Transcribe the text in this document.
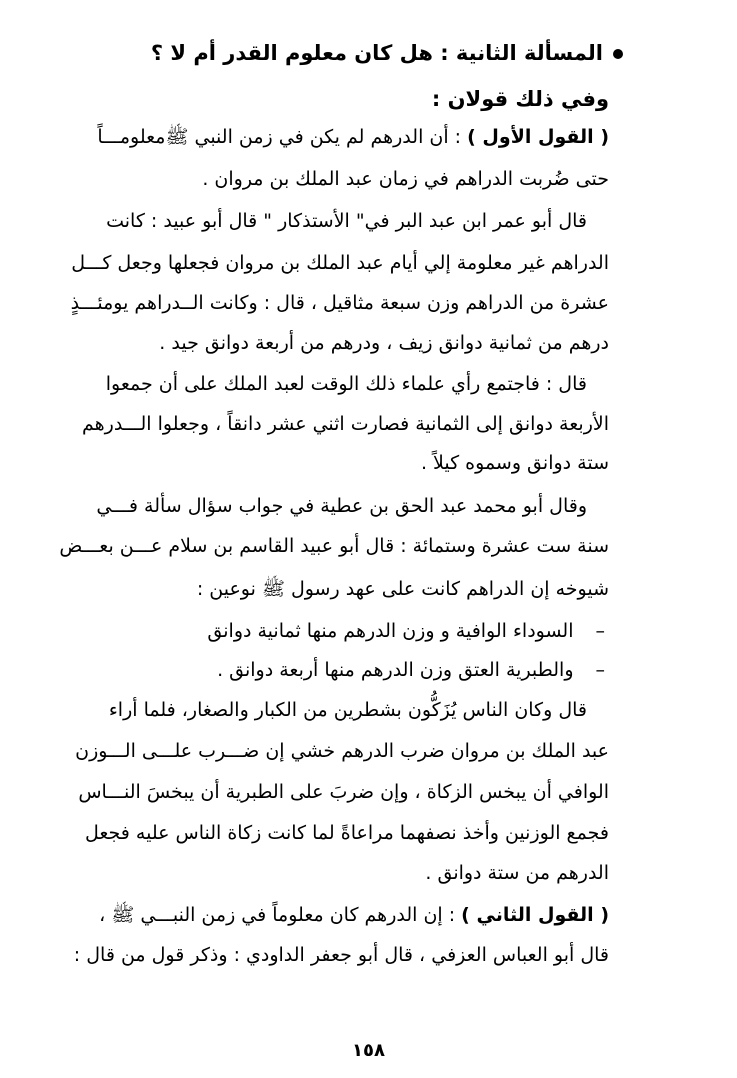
المسألة الثانية : هل كان معلوم القدر أم لا ؟
وفي ذلك قولان :
( القول الأول ) : أن الدرهم لم يكن في زمن النبي ﷺمعلومـــاً
حتى ضُربت الدراهم في زمان عبد الملك بن مروان .
قال أبو عمر ابن عبد البر في" الأستذكار " قال أبو عبيد : كانت
الدراهم غير معلومة إلي أيام عبد الملك بن مروان فجعلها وجعل كـــل
عشرة من الدراهم وزن سبعة مثاقيل ، قال : وكانت الــدراهم يومئـــذٍ
درهم من ثمانية دوانق زيف ، ودرهم من أربعة دوانق جيد .
قال : فاجتمع رأي علماء ذلك الوقت لعبد الملك على أن جمعوا
الأربعة دوانق إلى الثمانية فصارت اثني عشر دانقاً ، وجعلوا الـــدرهم
ستة دوانق وسموه كيلاً .
وقال أبو محمد عبد الحق بن عطية في جواب سؤال سألة فـــي
سنة ست عشرة وستمائة : قال أبو عبيد القاسم بن سلام عـــن بعـــض
شيوخه إن الدراهم كانت على عهد رسول ﷺ نوعين :
–السوداء الوافية و وزن الدرهم منها ثمانية دوانق
–والطبرية العتق وزن الدرهم منها أربعة دوانق .
قال وكان الناس يُزَكُّون بشطرين من الكبار والصغار، فلما أراء
عبد الملك بن مروان ضرب الدرهم خشي إن ضـــرب علـــى الـــوزن
الوافي أن يبخس الزكاة ، وإن ضربَ على الطبرية أن يبخسَ النـــاس
فجمع الوزنين وأخذ نصفهما مراعاةً لما كانت زكاة الناس عليه فجعل
الدرهم من ستة دوانق .
( القول الثاني ) : إن الدرهم كان معلوماً في زمن النبـــي ﷺ ،
قال أبو العباس العزفي ، قال أبو جعفر الداودي : وذكر قول من قال :
١٥٨
